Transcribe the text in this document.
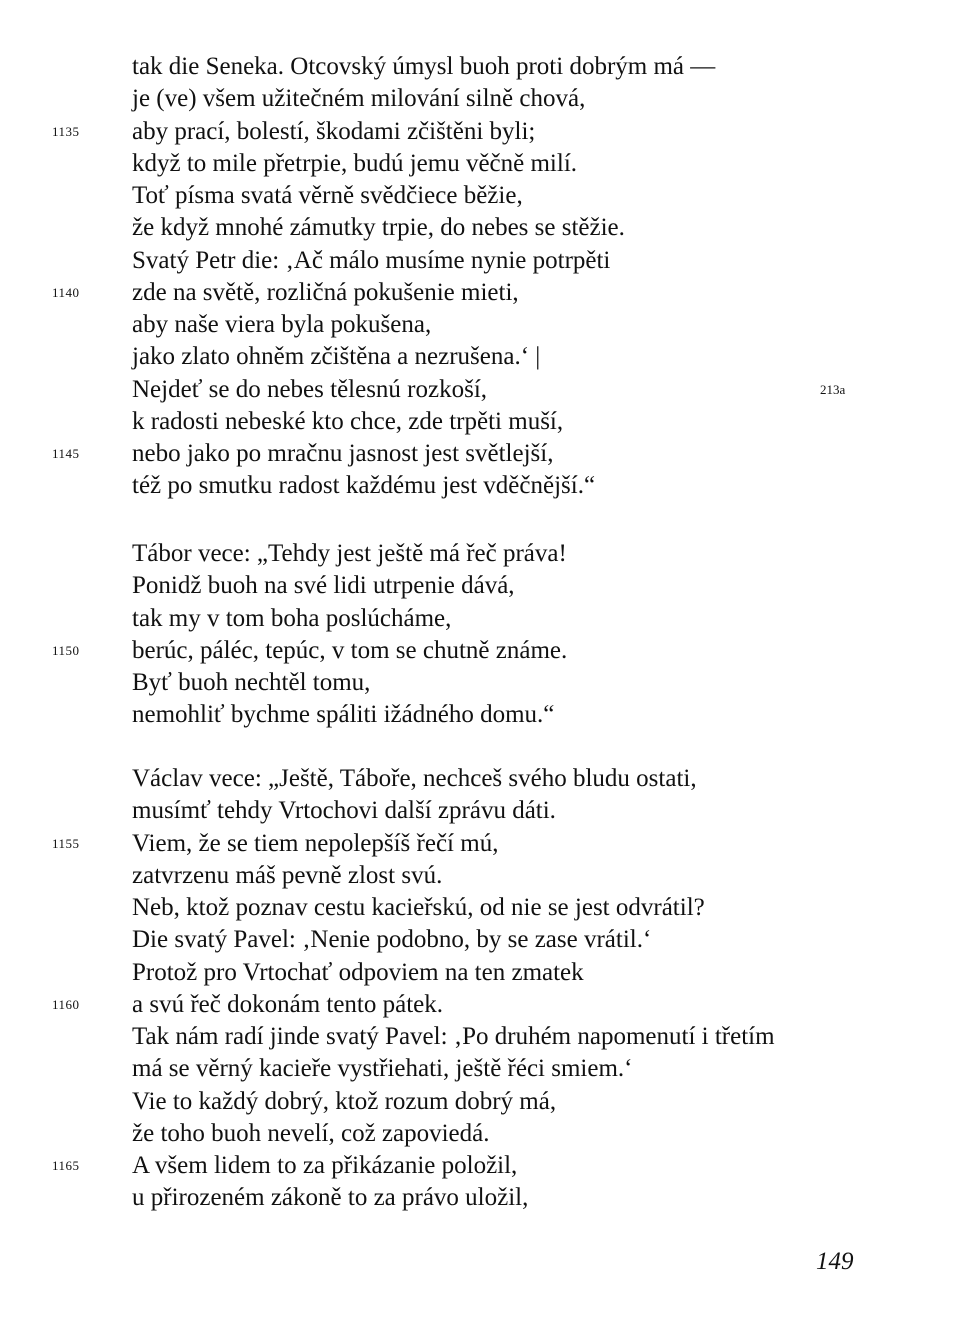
tak die Seneka. Otcovský úmysl buoh proti dobrým má —
je (ve) všem užitečném milování silně chová,
1135 aby prací, bolestí, škodami zčištěni byli;
když to mile přetrpie, budú jemu věčně milí.
Toť písma svatá věrně svědčiece běžie,
že když mnohé zámutky trpie, do nebes se stěžie.
Svatý Petr die: ‚Ač málo musíme nynie potrpěti
1140 zde na světě, rozličná pokušenie mieti,
aby naše viera byla pokušena,
jako zlato ohněm zčištěna a nezrušena.‘ |
Nejdeť se do nebes tělesnú rozkoší,	213a
k radosti nebeské kto chce, zde trpěti muší,
1145 nebo jako po mračnu jasnost jest světlejší,
též po smutku radost každému jest vděčnější.“
Tábor vece: „Tehdy jest ještě má řeč práva!
Ponidž buoh na své lidi utrpenie dává,
tak my v tom boha poslúcháme,
1150 berúc, páléc, tepúc, v tom se chutně známe.
Byť buoh nechtěl tomu,
nemohliť bychme spáliti ižádného domu.“
Václav vece: „Ještě, Tábořе, nechceš svého bludu ostati,
musímť tehdy Vrtochovi další zprávu dáti.
1155 Viem, že se tiem nepolepšíš řečí mú,
zatvrzenu máš pevně zlost svú.
Neb, ktož poznav cestu kacieřskú, od nie se jest odvrátil?
Die svatý Pavel: ‚Nenie podobno, by se zase vrátil.‘
Protož pro Vrtochať odpoviem na ten zmatek
1160 a svú řeč dokonám tento pátek.
Tak nám radí jinde svatý Pavel: ‚Po druhém napomenutí i třetím
má se věrný kacieře vystřiehati, ještě řéci smiem.‘
Vie to každý dobrý, ktož rozum dobrý má,
že toho buoh nevelí, což zapoviedá.
1165 A všem lidem to za přikázanie položil,
u přirozeném zákoně to za právo uložil,
149
